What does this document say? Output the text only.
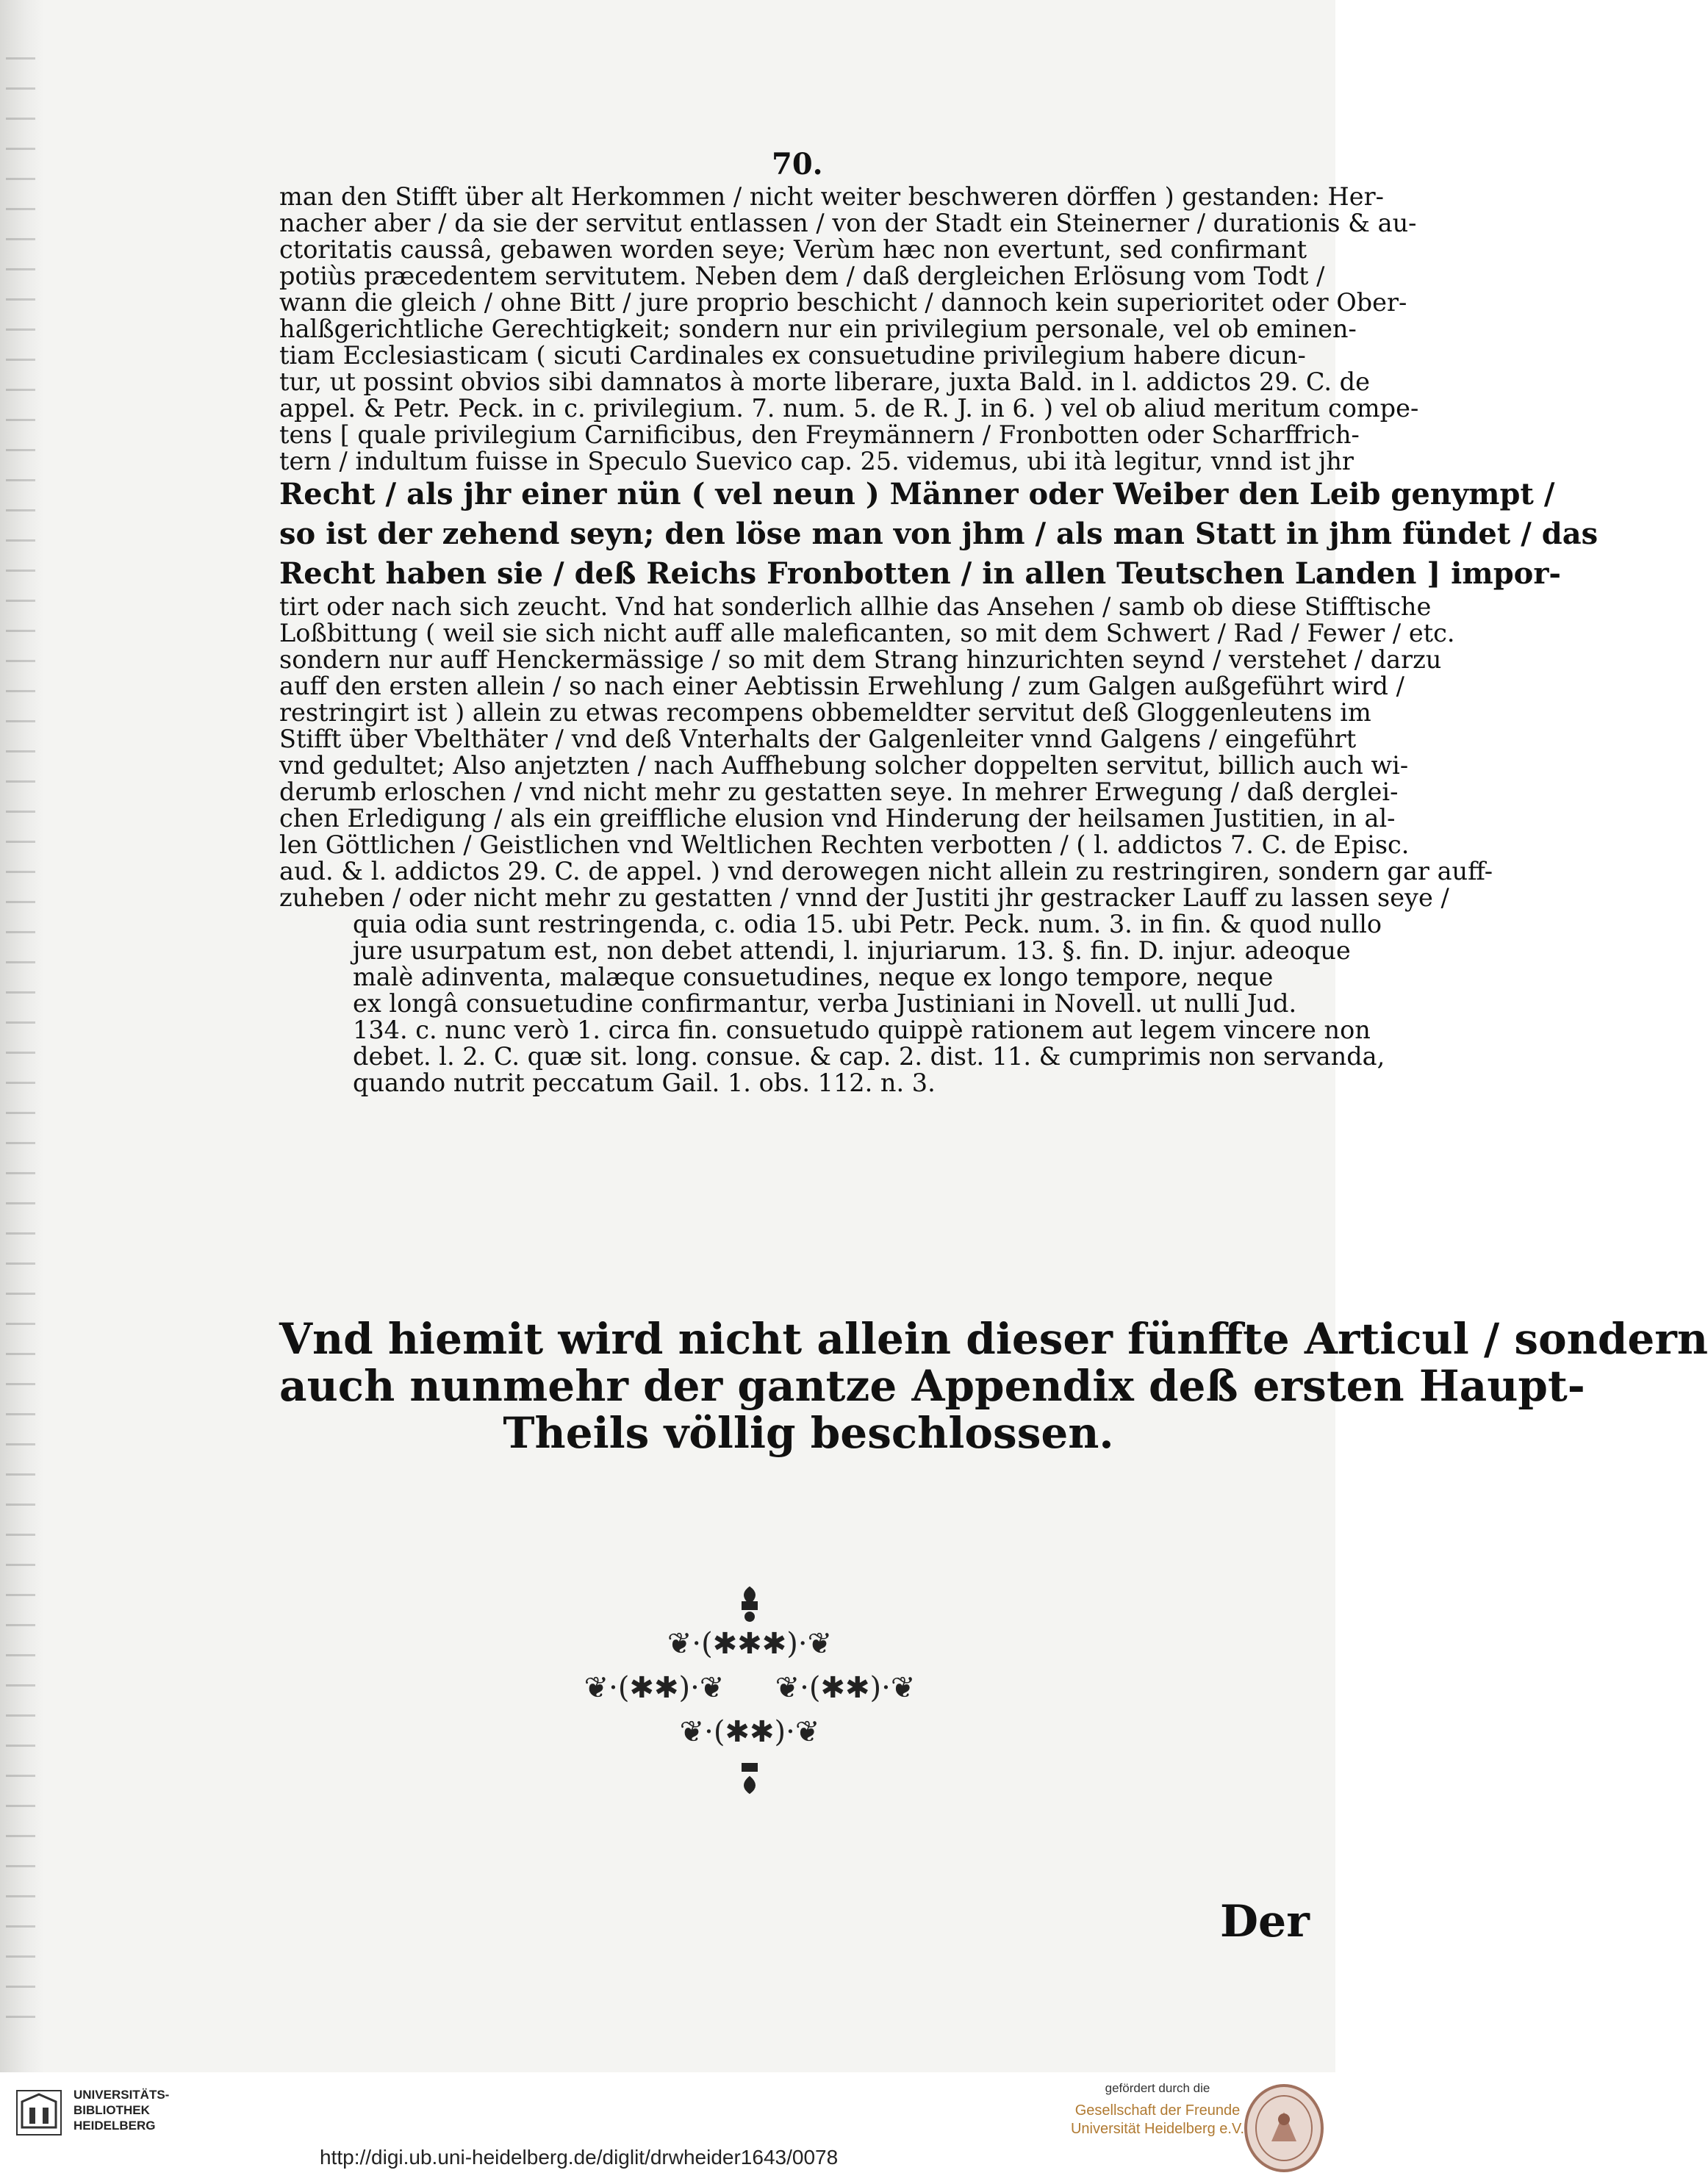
70.
man den Stifft über alt Herkommen / nicht weiter beschweren dörffen ) gestanden: Her-
nacher aber / da sie der servitut entlassen / von der Stadt ein Steinerner / durationis & au-
ctoritatis caussâ, gebawen worden seye; Verùm hæc non evertunt, sed confirmant
potiùs præcedentem servitutem. Neben dem / daß dergleichen Erlösung vom Todt /
wann die gleich / ohne Bitt / jure proprio beschicht / dannoch kein superioritet oder Ober-
halßgerichtliche Gerechtigkeit; sondern nur ein privilegium personale, vel ob eminen-
tiam Ecclesiasticam ( sicuti Cardinales ex consuetudine privilegium habere dicun-
tur, ut possint obvios sibi damnatos à morte liberare, juxta Bald. in l. addictos 29. C. de
appel. & Petr. Peck. in c. privilegium. 7. num. 5. de R. J. in 6. ) vel ob aliud meritum compe-
tens [ quale privilegium Carnificibus, den Freymännern / Fronbotten oder Scharffrich-
tern / indultum fuisse in Speculo Suevico cap. 25. videmus, ubi ità legitur, vnnd ist jhr
Recht / als jhr einer nün ( vel neun ) Männer oder Weiber den Leib genympt /
so ist der zehend seyn; den löse man von jhm / als man Statt in jhm fündet / das
Recht haben sie / deß Reichs Fronbotten / in allen Teutschen Landen ] impor-
tirt oder nach sich zeucht. Vnd hat sonderlich allhie das Ansehen / samb ob diese Stifftische
Loßbittung ( weil sie sich nicht auff alle maleficanten, so mit dem Schwert / Rad / Fewer / etc.
sondern nur auff Henckermässige / so mit dem Strang hinzurichten seynd / verstehet / darzu
auff den ersten allein / so nach einer Aebtissin Erwehlung / zum Galgen außgeführt wird /
restringirt ist ) allein zu etwas recompens obbemeldter servitut deß Gloggenleutens im
Stifft über Vbelthäter / vnd deß Vnterhalts der Galgenleiter vnnd Galgens / eingeführt
vnd gedultet; Also anjetzten / nach Auffhebung solcher doppelten servitut, billich auch wi-
derumb erloschen / vnd nicht mehr zu gestatten seye. In mehrer Erwegung / daß derglei-
chen Erledigung / als ein greiffliche elusion vnd Hinderung der heilsamen Justitien, in al-
len Göttlichen / Geistlichen vnd Weltlichen Rechten verbotten / ( l. addictos 7. C. de Episc.
aud. & l. addictos 29. C. de appel. ) vnd derowegen nicht allein zu restringiren, sondern gar auff-
zuheben / oder nicht mehr zu gestatten / vnnd der Justiti jhr gestracker Lauff zu lassen seye /
quia odia sunt restringenda, c. odia 15. ubi Petr. Peck. num. 3. in fin. & quod nullo
jure usurpatum est, non debet attendi, l. injuriarum. 13. §. fin. D. injur. adeoque
malè adinventa, malæque consuetudines, neque ex longo tempore, neque
ex longâ consuetudine confirmantur, verba Justiniani in Novell. ut nulli Jud.
134. c. nunc verò 1. circa fin. consuetudo quippè rationem aut legem vincere non
debet. l. 2. C. quæ sit. long. consue. & cap. 2. dist. 11. & cumprimis non servanda,
quando nutrit peccatum Gail. 1. obs. 112. n. 3.
Vnd hiemit wird nicht allein dieser fünffte Articul / sondern
auch nunmehr der gantze Appendix deß ersten Haupt-
Theils völlig beschlossen.
❦·(✱✱✱)·❦
❦·(✱✱)·❦ ❦·(✱✱)·❦
❦·(✱✱)·❦
Der
UNIVERSITÄTS-
BIBLIOTHEK
HEIDELBERG
http://digi.ub.uni-heidelberg.de/diglit/drwheider1643/0078
gefördert durch die
Gesellschaft der Freunde
Universität Heidelberg e.V.
